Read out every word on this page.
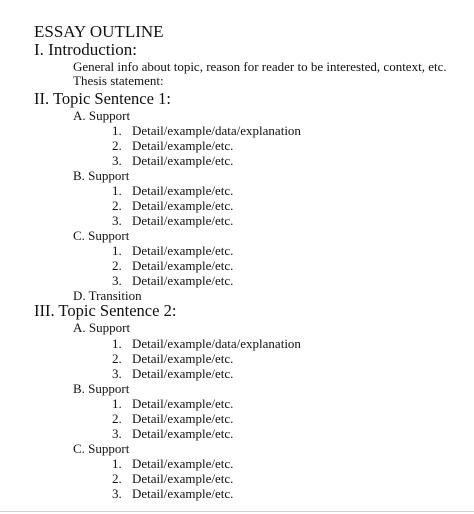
ESSAY OUTLINE
I. Introduction:
General info about topic, reason for reader to be interested, context, etc.
Thesis statement:
II. Topic Sentence 1:
A. Support
1. Detail/example/data/explanation
2. Detail/example/etc.
3. Detail/example/etc.
B. Support
1. Detail/example/etc.
2. Detail/example/etc.
3. Detail/example/etc.
C. Support
1. Detail/example/etc.
2. Detail/example/etc.
3. Detail/example/etc.
D. Transition
III. Topic Sentence 2:
A. Support
1. Detail/example/data/explanation
2. Detail/example/etc.
3. Detail/example/etc.
B. Support
1. Detail/example/etc.
2. Detail/example/etc.
3. Detail/example/etc.
C. Support
1. Detail/example/etc.
2. Detail/example/etc.
3. Detail/example/etc.
